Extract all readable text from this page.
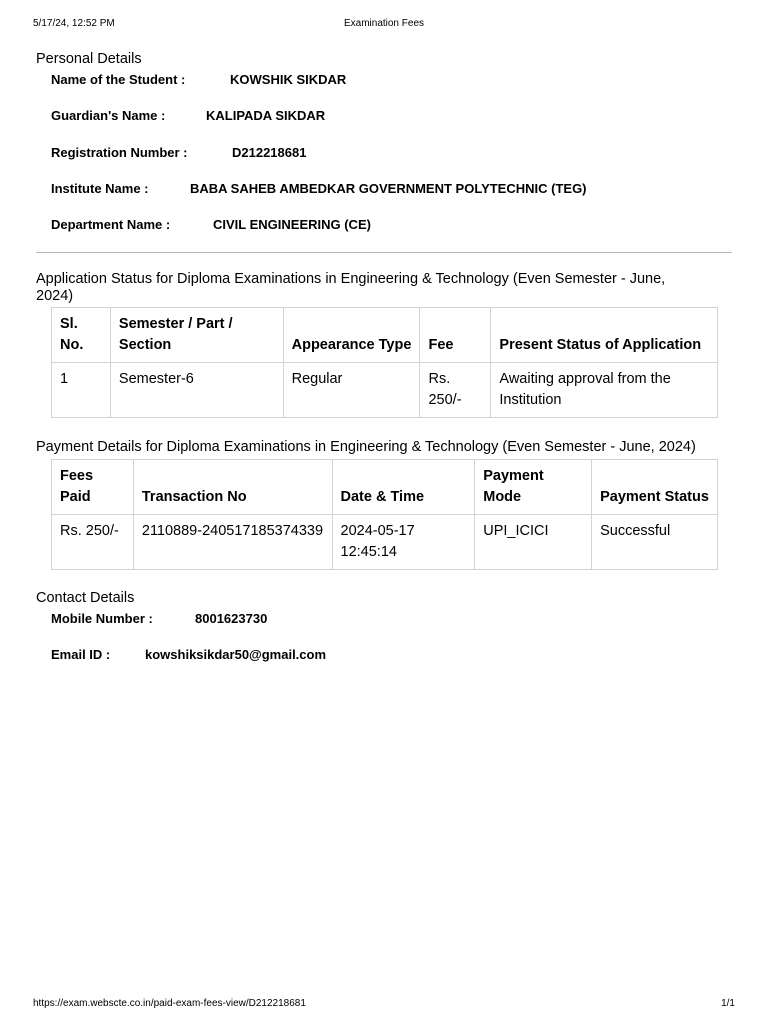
5/17/24, 12:52 PM	Examination Fees
Personal Details
Name of the Student :	KOWSHIK SIKDAR
Guardian's Name :	KALIPADA SIKDAR
Registration Number :	D212218681
Institute Name :	BABA SAHEB AMBEDKAR GOVERNMENT POLYTECHNIC (TEG)
Department Name :	CIVIL ENGINEERING (CE)
Application Status for Diploma Examinations in Engineering & Technology (Even Semester - June,
2024)
Sl. No.	Semester / Part / Section	Appearance Type	Fee	Present Status of Application
1	Semester-6	Regular	Rs. 250/-	Awaiting approval from the Institution
Payment Details for Diploma Examinations in Engineering & Technology (Even Semester - June, 2024)
Fees Paid	Transaction No	Date & Time	Payment Mode	Payment Status
Rs. 250/-	2110889-240517185374339	2024-05-17 12:45:14	UPI_ICICI	Successful
Contact Details
Mobile Number :	8001623730
Email ID :	kowshiksikdar50@gmail.com
https://exam.webscte.co.in/paid-exam-fees-view/D212218681	1/1
